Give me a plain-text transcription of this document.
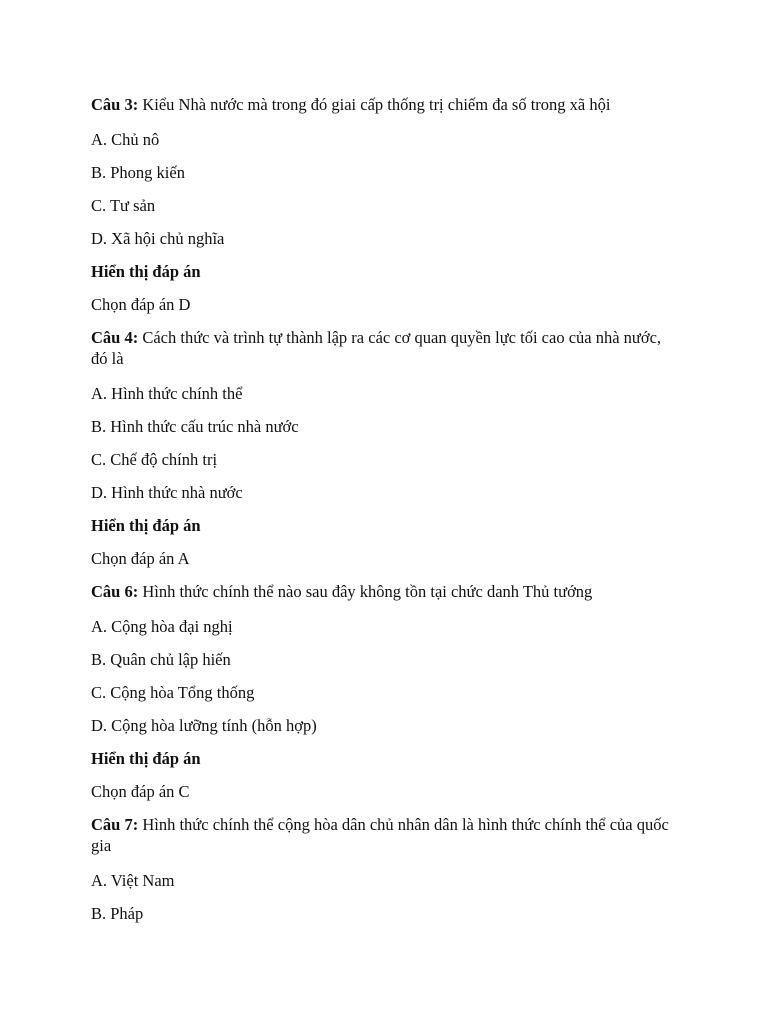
Câu 3: Kiểu Nhà nước mà trong đó giai cấp thống trị chiếm đa số trong xã hội

A. Chủ nô

B. Phong kiến

C. Tư sản

D. Xã hội chủ nghĩa

Hiển thị đáp án

Chọn đáp án D

Câu 4: Cách thức và trình tự thành lập ra các cơ quan quyền lực tối cao của nhà nước, đó là

A. Hình thức chính thể

B. Hình thức cấu trúc nhà nước

C. Chế độ chính trị

D. Hình thức nhà nước

Hiển thị đáp án

Chọn đáp án A

Câu 6: Hình thức chính thể nào sau đây không tồn tại chức danh Thủ tướng

A. Cộng hòa đại nghị

B. Quân chủ lập hiến

C. Cộng hòa Tổng thống

D. Cộng hòa lưỡng tính (hỗn hợp)

Hiển thị đáp án

Chọn đáp án C

Câu 7: Hình thức chính thể cộng hòa dân chủ nhân dân là hình thức chính thể của quốc gia

A. Việt Nam

B. Pháp
